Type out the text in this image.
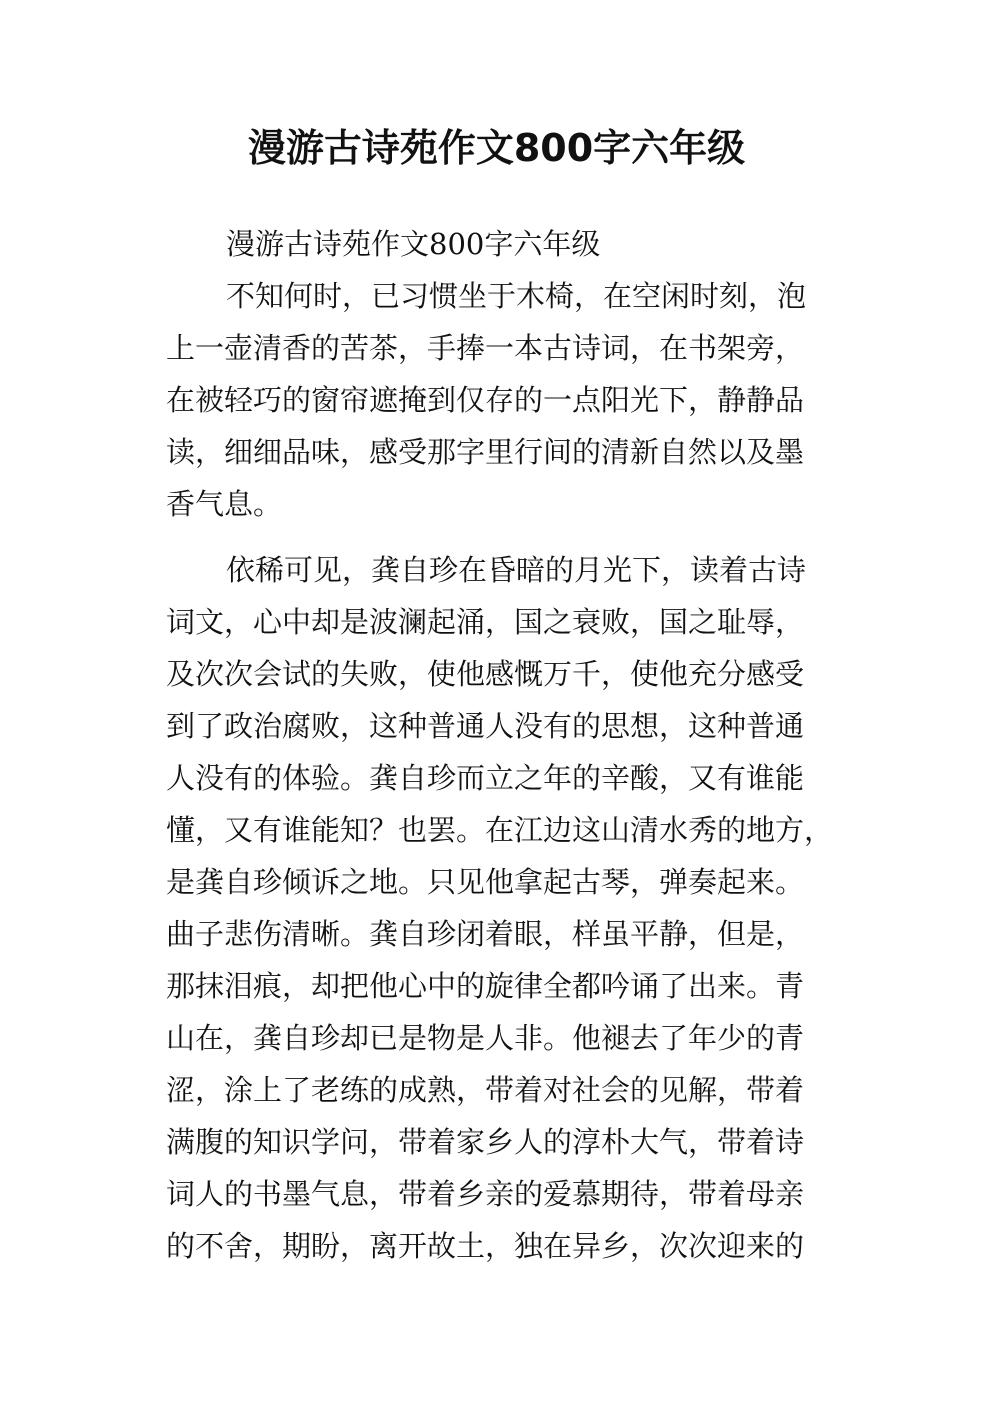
漫游古诗苑作文800字六年级
漫游古诗苑作文800字六年级
不知何时，已习惯坐于木椅，在空闲时刻，泡
上一壶清香的苦茶，手捧一本古诗词，在书架旁，
在被轻巧的窗帘遮掩到仅存的一点阳光下，静静品
读，细细品味，感受那字里行间的清新自然以及墨
香气息。
依稀可见，龚自珍在昏暗的月光下，读着古诗
词文，心中却是波澜起涌，国之衰败，国之耻辱，
及次次会试的失败，使他感慨万千，使他充分感受
到了政治腐败，这种普通人没有的思想，这种普通
人没有的体验。龚自珍而立之年的辛酸，又有谁能
懂，又有谁能知？也罢。在江边这山清水秀的地方，
是龚自珍倾诉之地。只见他拿起古琴，弹奏起来。
曲子悲伤清晰。龚自珍闭着眼，样虽平静，但是，
那抹泪痕，却把他心中的旋律全都吟诵了出来。青
山在，龚自珍却已是物是人非。他褪去了年少的青
涩，涂上了老练的成熟，带着对社会的见解，带着
满腹的知识学问，带着家乡人的淳朴大气，带着诗
词人的书墨气息，带着乡亲的爱慕期待，带着母亲
的不舍，期盼，离开故土，独在异乡，次次迎来的
